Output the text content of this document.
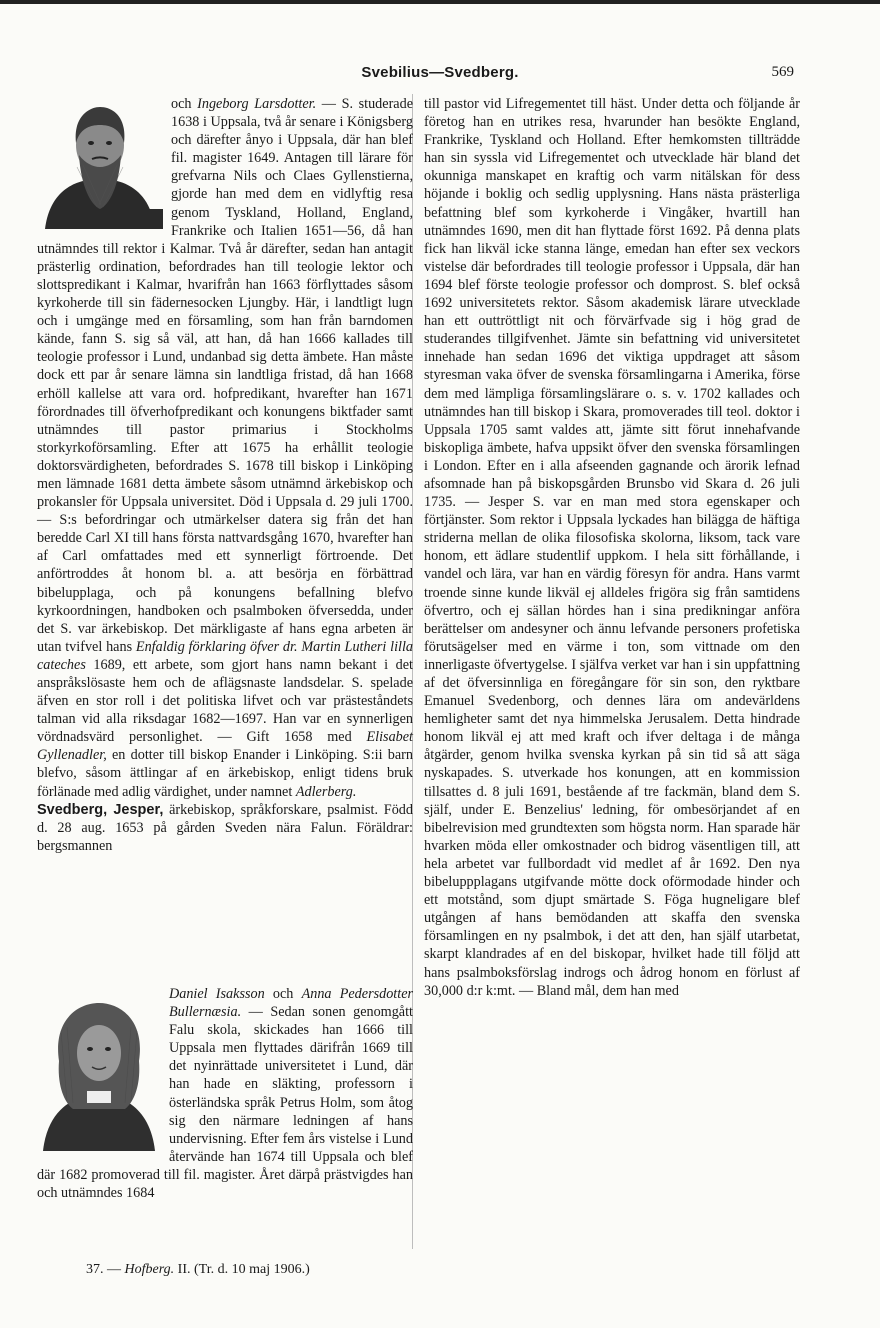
Svebilius—Svedberg.	569

och Ingeborg Larsdotter. — S. studerade 1638 i Uppsala, två år senare i Königsberg och därefter ånyo i Uppsala, där han blef fil. magister 1649. Antagen till lärare för grefvarna Nils och Claes Gyllenstierna, gjorde han med dem en vidlyftig resa genom Tyskland, Holland, England, Frankrike och Italien 1651—56, då han utnämndes till rektor i Kalmar. Två år därefter, sedan han antagit prästerlig ordination, befordrades han till teologie lektor och slottspredikant i Kalmar, hvarifrån han 1663 förflyttades såsom kyrkoherde till sin fädernesocken Ljungby. Här, i landtligt lugn och i umgänge med en församling, som han från barndomen kände, fann S. sig så väl, att han, då han 1666 kallades till teologie professor i Lund, undanbad sig detta ämbete. Han måste dock ett par år senare lämna sin landtliga fristad, då han 1668 erhöll kallelse att vara ord. hofpredikant, hvarefter han 1671 förordnades till öfverhofpredikant och konungens biktfader samt utnämndes till pastor primarius i Stockholms storkyrkoförsamling. Efter att 1675 ha erhållit teologie doktorsvärdigheten, befordrades S. 1678 till biskop i Linköping men lämnade 1681 detta ämbete såsom utnämnd ärkebiskop och prokansler för Uppsala universitet. Död i Uppsala d. 29 juli 1700. — S:s befordringar och utmärkelser datera sig från det han beredde Carl XI till hans första nattvardsgång 1670, hvarefter han af Carl omfattades med ett synnerligt förtroende. Det anförtroddes åt honom bl. a. att besörja en förbättrad bibelupplaga, och på konungens befallning blefvo kyrkoordningen, handboken och psalmboken öfversedda, under det S. var ärkebiskop. Det märkligaste af hans egna arbeten är utan tvifvel hans Enfaldig förklaring öfver dr. Martin Lutheri lilla cateches 1689, ett arbete, som gjort hans namn bekant i det anspråkslösaste hem och de aflägsnaste landsdelar. S. spelade äfven en stor roll i det politiska lifvet och var prästeståndets talman vid alla riksdagar 1682—1697. Han var en synnerligen vördnadsvärd personlighet. — Gift 1658 med Elisabet Gyllenadler, en dotter till biskop Enander i Linköping. S:ii barn blefvo, såsom ättlingar af en ärkebiskop, enligt tidens bruk förlänade med adlig värdighet, under namnet Adlerberg.

Svedberg, Jesper, ärkebiskop, språkforskare, psalmist. Född d. 28 aug. 1653 på gården Sveden nära Falun. Föräldrar: bergsmannen

Daniel Isaksson och Anna Pedersdotter Bullernæsia. — Sedan sonen genomgått Falu skola, skickades han 1666 till Uppsala men flyttades därifrån 1669 till det nyinrättade universitetet i Lund, där han hade en släkting, professorn i österländska språk Petrus Holm, som åtog sig den närmare ledningen af hans undervisning. Efter fem års vistelse i Lund återvände han 1674 till Uppsala och blef där 1682 promoverad till fil. magister. Året därpå prästvigdes han och utnämndes 1684

till pastor vid Lifregementet till häst. Under detta och följande år företog han en utrikes resa, hvarunder han besökte England, Frankrike, Tyskland och Holland. Efter hemkomsten tillträdde han sin syssla vid Lifregementet och utvecklade här bland det okunniga manskapet en kraftig och varm nitälskan för dess höjande i boklig och sedlig upplysning. Hans nästa prästerliga befattning blef som kyrkoherde i Vingåker, hvartill han utnämndes 1690, men dit han flyttade först 1692. På denna plats fick han likväl icke stanna länge, emedan han efter sex veckors vistelse där befordrades till teologie professor i Uppsala, där han 1694 blef förste teologie professor och domprost. S. blef också 1692 universitetets rektor. Såsom akademisk lärare utvecklade han ett outtröttligt nit och förvärfvade sig i hög grad de studerandes tillgifvenhet. Jämte sin befattning vid universitetet innehade han sedan 1696 det viktiga uppdraget att såsom styresman vaka öfver de svenska församlingarna i Amerika, förse dem med lämpliga församlingslärare o. s. v. 1702 kallades och utnämndes han till biskop i Skara, promoverades till teol. doktor i Uppsala 1705 samt valdes att, jämte sitt förut innehafvande biskopliga ämbete, hafva uppsikt öfver den svenska församlingen i London. Efter en i alla afseenden gagnande och ärorik lefnad afsomnade han på biskopsgården Brunsbo vid Skara d. 26 juli 1735. — Jesper S. var en man med stora egenskaper och förtjänster. Som rektor i Uppsala lyckades han bilägga de häftiga striderna mellan de olika filosofiska skolorna, liksom, tack vare honom, ett ädlare studentlif uppkom. I hela sitt förhållande, i vandel och lära, var han en värdig föresyn för andra. Hans varmt troende sinne kunde likväl ej alldeles frigöra sig från samtidens öfvertro, och ej sällan hördes han i sina predikningar anföra berättelser om andesyner och ännu lefvande personers profetiska förutsägelser med en värme i ton, som vittnade om den innerligaste öfvertygelse. I själfva verket var han i sin uppfattning af det öfversinnliga en föregångare för sin son, den ryktbare Emanuel Svedenborg, och dennes lära om andevärldens hemligheter samt det nya himmelska Jerusalem. Detta hindrade honom likväl ej att med kraft och ifver deltaga i de många åtgärder, genom hvilka svenska kyrkan på sin tid så att säga nyskapades. S. utverkade hos konungen, att en kommission tillsattes d. 8 juli 1691, bestående af tre fackmän, bland dem S. själf, under E. Benzelius' ledning, för ombesörjandet af en bibelrevision med grundtexten som högsta norm. Han sparade här hvarken möda eller omkostnader och bidrog väsentligen till, att hela arbetet var fullbordadt vid medlet af år 1692. Den nya bibeluppplagans utgifvande mötte dock oförmodade hinder och ett motstånd, som djupt smärtade S. Föga hugneligare blef utgången af hans bemödanden att skaffa den svenska församlingen en ny psalmbok, i det att den, han själf utarbetat, skarpt klandrades af en del biskopar, hvilket hade till följd att hans psalmboksförslag indrogs och ådrog honom en förlust af 30,000 d:r k:mt. — Bland mål, dem han med

37. — Hofberg. II. (Tr. d. 10 maj 1906.)
